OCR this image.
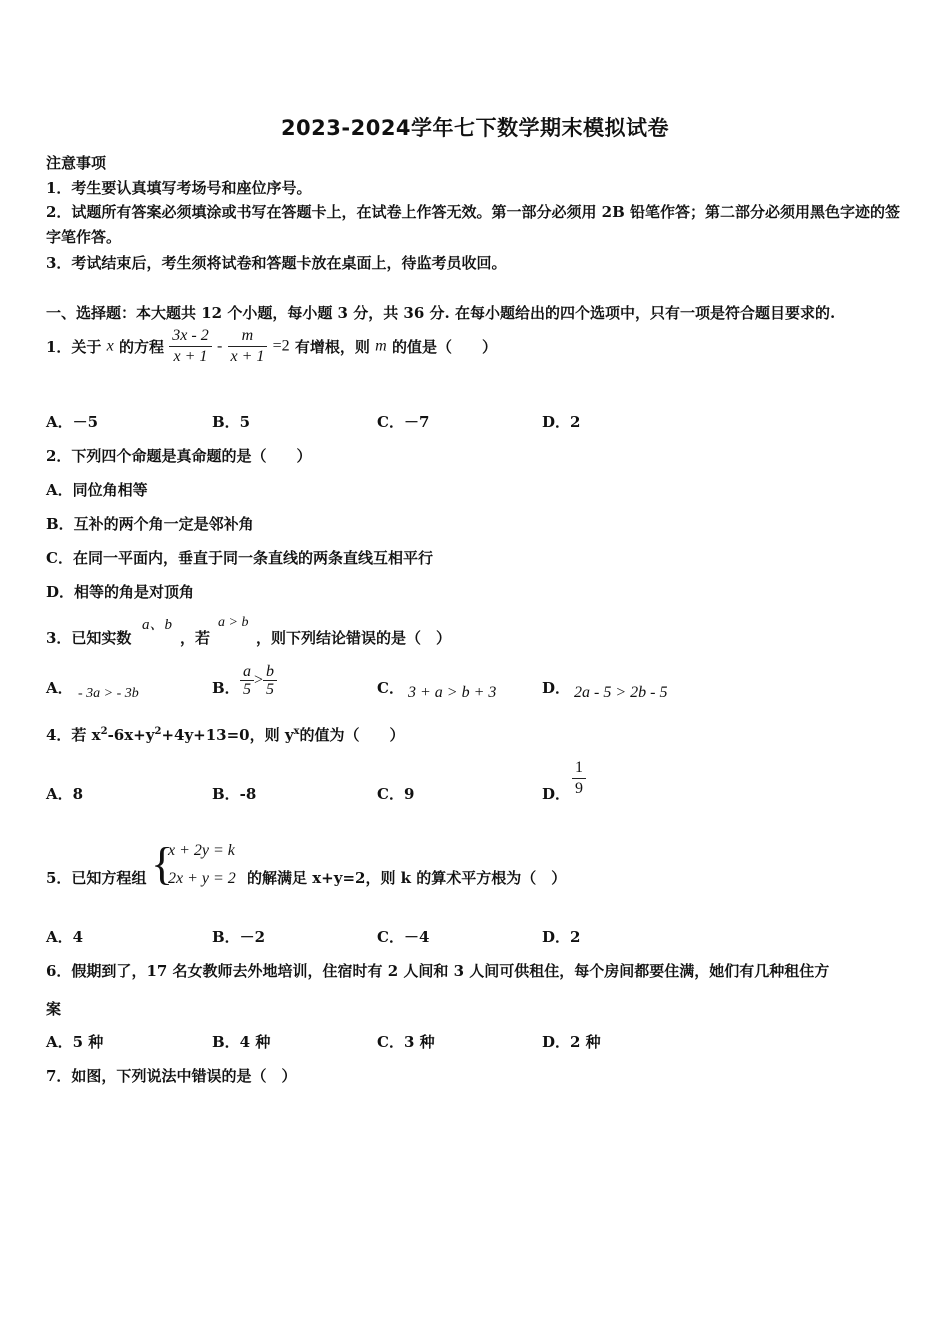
2023-2024学年七下数学期末模拟试卷
注意事项
1．考生要认真填写考场号和座位序号。
2．试题所有答案必须填涂或书写在答题卡上，在试卷上作答无效。第一部分必须用 2B 铅笔作答；第二部分必须用黑色字迹的签字笔作答。
3．考试结束后，考生须将试卷和答题卡放在桌面上，待监考员收回。
一、选择题：本大题共 12 个小题，每小题 3 分，共 36 分. 在每小题给出的四个选项中，只有一项是符合题目要求的.
1．关于 x 的方程 $\frac{3x - 2}{x + 1} - \frac{m}{x + 1} =2$ 有增根，则 m 的值是（　　）
A．－5	B．5	C．－7	D．2
2．下列四个命题是真命题的是（　　）
A．同位角相等
B．互补的两个角一定是邻补角
C．在同一平面内，垂直于同一条直线的两条直线互相平行
D．相等的角是对顶角
3．已知实数
a、b
，若
a > b
，则下列结论错误的是（　）
A． - 3a > - 3b	B． $\frac{a}{5} > \frac{b}{5}$	C． 3 + a > b + 3	D． 2a - 5 > 2b - 5
4．若 $x^2-6x+y^2+4y+13=0$，则 $y^x$的值为（　　）
A．8	B．-8	C．9	D． $\frac{1}{9}$
5．已知方程组 {
x + 2y = k
2x + y = 2 的解满足 x+y=2，则 k 的算术平方根为（　）
A．4	B．－2	C．－4	D．2
6．假期到了，17 名女教师去外地培训，住宿时有 2 人间和 3 人间可供租住，每个房间都要住满，她们有几种租住方
案
A．5 种	B．4 种	C．3 种	D．2 种
7．如图，下列说法中错误的是（　）
